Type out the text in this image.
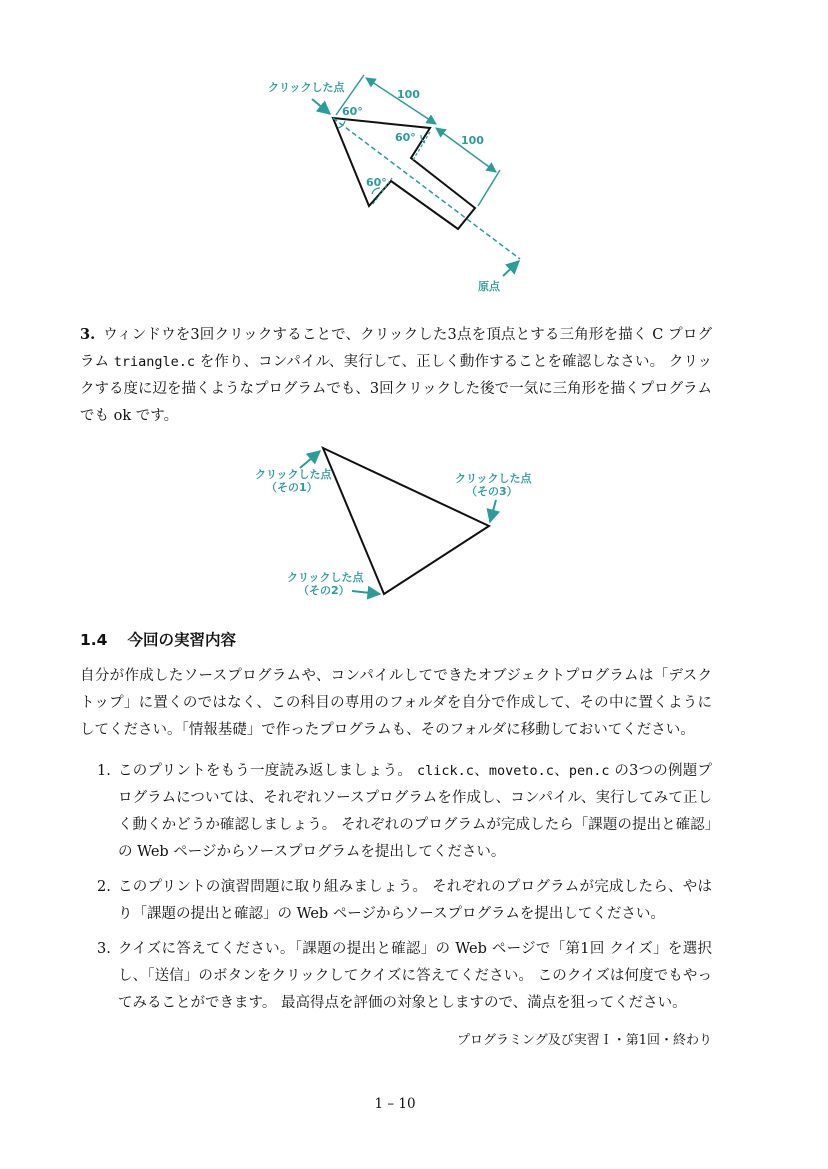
クリックした点
原点
60°
60°
60°
100
100

3. ウィンドウを3回クリックすることで、クリックした3点を頂点とする三角形を描く C プログラム triangle.c を作り、コンパイル、実行して、正しく動作することを確認しなさい。 クリックする度に辺を描くようなプログラムでも、3回クリックした後で一気に三角形を描くプログラムでも ok です。

クリックした点
（その1）
クリックした点
（その3）
クリックした点
（その2）
1.4 今回の実習内容

自分が作成したソースプログラムや、コンパイルしてできたオブジェクトプログラムは「デスクトップ」に置くのではなく、この科目の専用のフォルダを自分で作成して、その中に置くようにしてください。「情報基礎」で作ったプログラムも、そのフォルダに移動しておいてください。

1. このプリントをもう一度読み返しましょう。 click.c、moveto.c、pen.c の3つの例題プログラムについては、それぞれソースプログラムを作成し、コンパイル、実行してみて正しく動くかどうか確認しましょう。 それぞれのプログラムが完成したら「課題の提出と確認」の Web ページからソースプログラムを提出してください。
2. このプリントの演習問題に取り組みましょう。 それぞれのプログラムが完成したら、やはり「課題の提出と確認」の Web ページからソースプログラムを提出してください。
3. クイズに答えてください。「課題の提出と確認」の Web ページで「第1回 クイズ」を選択し、「送信」のボタンをクリックしてクイズに答えてください。 このクイズは何度でもやってみることができます。 最高得点を評価の対象としますので、満点を狙ってください。

プログラミング及び実習Ｉ・第1回・終わり

1 – 10
